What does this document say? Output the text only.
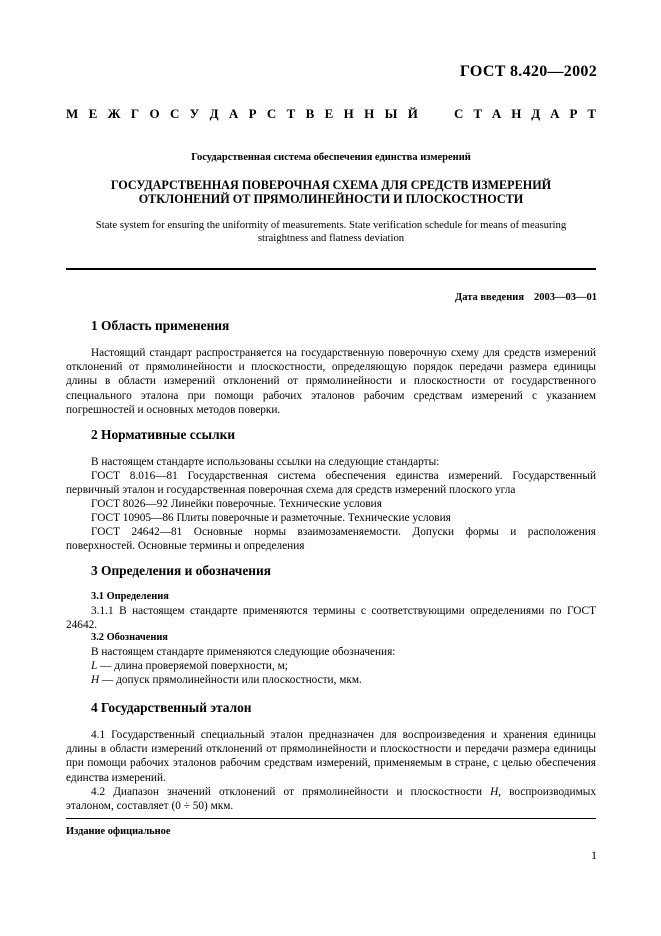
ГОСТ 8.420—2002
М Е Ж Г О С У Д А Р С Т В Е Н Н Ы Й	С Т А Н Д А Р Т
Государственная система обеспечения единства измерений
ГОСУДАРСТВЕННАЯ ПОВЕРОЧНАЯ СХЕМА ДЛЯ СРЕДСТВ ИЗМЕРЕНИЙ
ОТКЛОНЕНИЙ ОТ ПРЯМОЛИНЕЙНОСТИ И ПЛОСКОСТНОСТИ
State system for ensuring the uniformity of measurements. State verification schedule for means of measuring
straightness and flatness deviation
Дата введения 2003—03—01
1 Область применения

Настоящий стандарт распространяется на государственную поверочную схему для средств измерений отклонений от прямолинейности и плоскостности, определяющую порядок передачи размера единицы длины в области измерений отклонений от прямолинейности и плоскостности от государственного специального эталона при помощи рабочих эталонов рабочим средствам измерений с указанием погрешностей и основных методов поверки.

2 Нормативные ссылки

В настоящем стандарте использованы ссылки на следующие стандарты:

ГОСТ 8.016—81 Государственная система обеспечения единства измерений. Государственный первичный эталон и государственная поверочная схема для средств измерений плоского угла

ГОСТ 8026—92 Линейки поверочные. Технические условия

ГОСТ 10905—86 Плиты поверочные и разметочные. Технические условия

ГОСТ 24642—81 Основные нормы взаимозаменяемости. Допуски формы и расположения поверхностей. Основные термины и определения

3 Определения и обозначения

3.1 Определения

3.1.1 В настоящем стандарте применяются термины с соответствующими определениями по ГОСТ 24642.

3.2 Обозначения

В настоящем стандарте применяются следующие обозначения:

L — длина проверяемой поверхности, м;

H — допуск прямолинейности или плоскостности, мкм.

4 Государственный эталон

4.1 Государственный специальный эталон предназначен для воспроизведения и хранения единицы длины в области измерений отклонений от прямолинейности и плоскостности и передачи размера единицы при помощи рабочих эталонов рабочим средствам измерений, применяемым в стране, с целью обеспечения единства измерений.

4.2 Диапазон значений отклонений от прямолинейности и плоскостности H, воспроизводимых эталоном, составляет (0 ÷ 50) мкм.

Издание официальное
1
